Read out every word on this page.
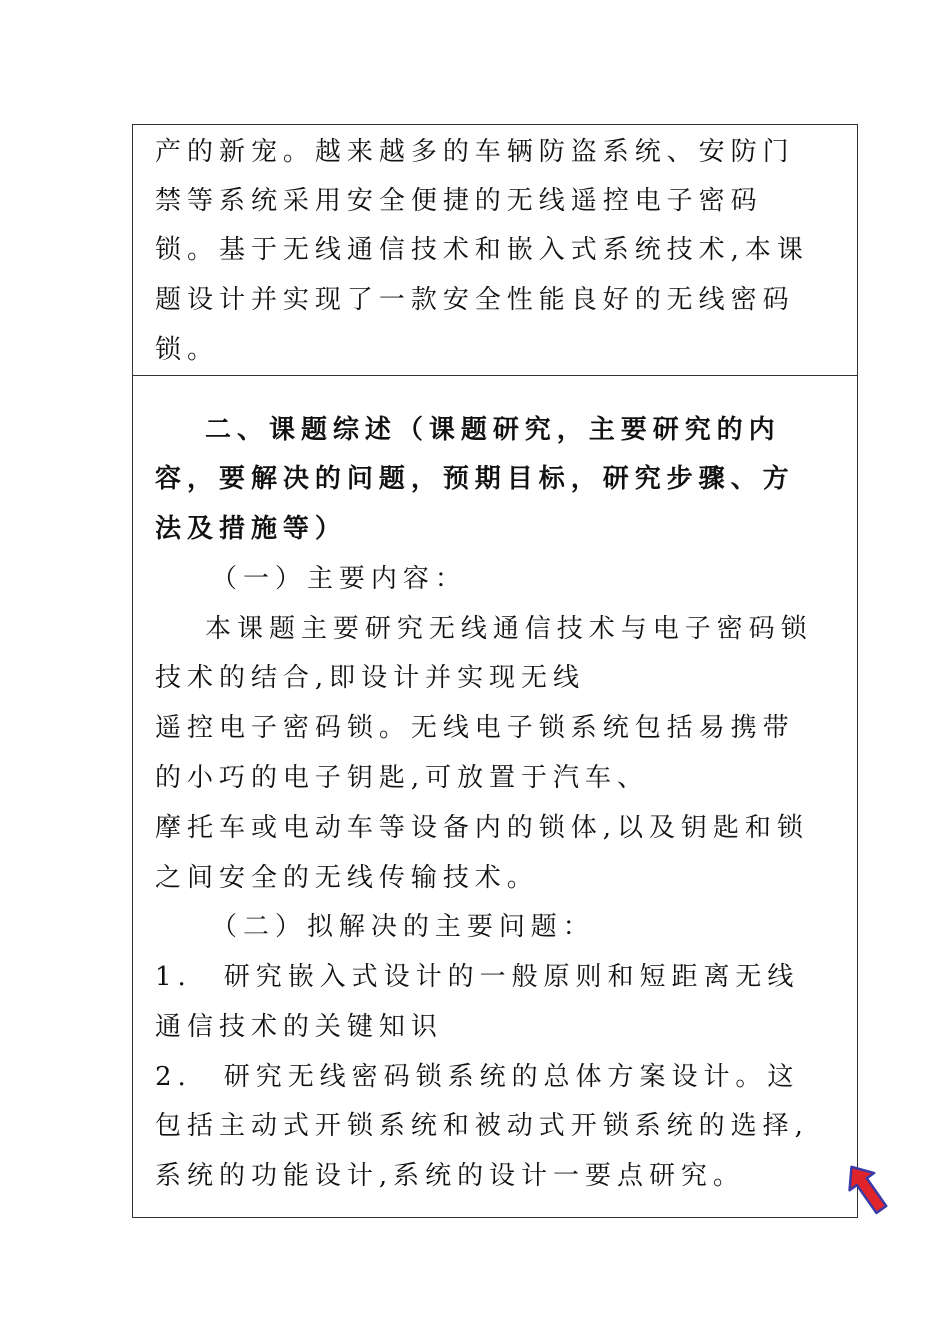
产的新宠。越来越多的车辆防盗系统、安防门
禁等系统采用安全便捷的无线遥控电子密码
锁。基于无线通信技术和嵌入式系统技术,本课
题设计并实现了一款安全性能良好的无线密码
锁。
二、课题综述（课题研究，主要研究的内
容，要解决的问题，预期目标，研究步骤、方
法及措施等）
（一）主要内容：
本课题主要研究无线通信技术与电子密码锁
技术的结合,即设计并实现无线
遥控电子密码锁。无线电子锁系统包括易携带
的小巧的电子钥匙,可放置于汽车、
摩托车或电动车等设备内的锁体,以及钥匙和锁
之间安全的无线传输技术。
（二）拟解决的主要问题：
1.　研究嵌入式设计的一般原则和短距离无线
通信技术的关键知识
2.　研究无线密码锁系统的总体方案设计。这
包括主动式开锁系统和被动式开锁系统的选择,
系统的功能设计,系统的设计一要点研究。
